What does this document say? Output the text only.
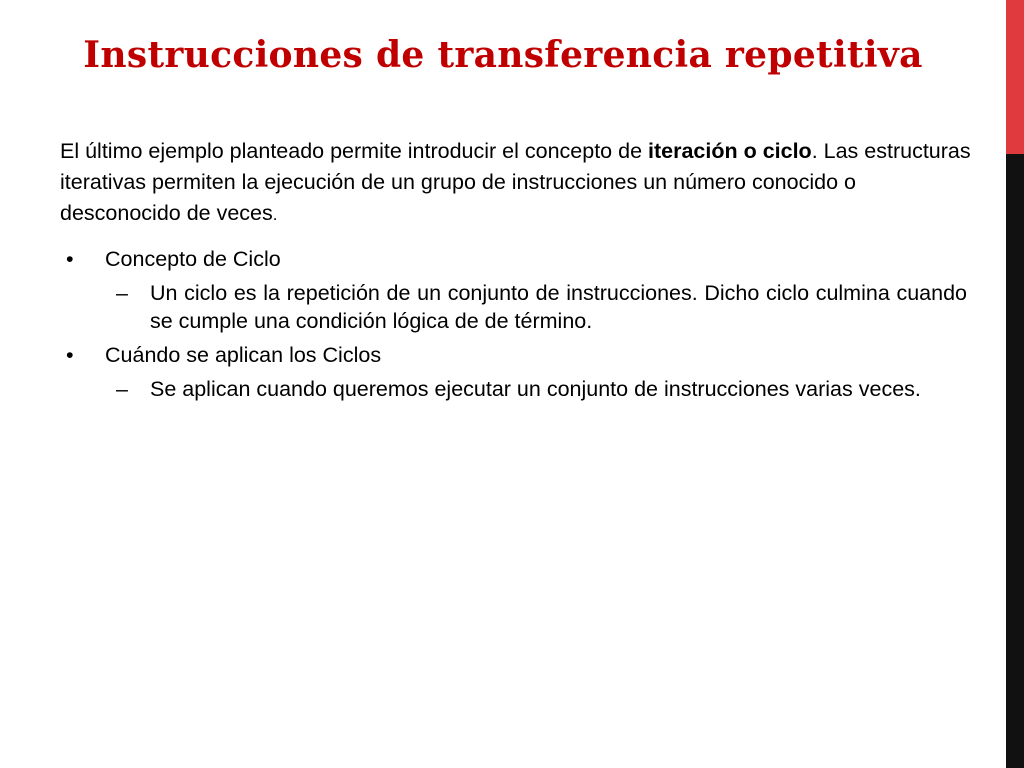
Instrucciones de transferencia repetitiva
El último ejemplo planteado permite introducir el concepto de iteración o ciclo. Las estructuras iterativas permiten la ejecución de un grupo de instrucciones un número conocido o desconocido de veces.
• Concepto de Ciclo
– Un ciclo es la repetición de un conjunto de instrucciones. Dicho ciclo culmina cuando se cumple una condición lógica de de término.
• Cuándo se aplican los Ciclos
– Se aplican cuando queremos ejecutar un conjunto de instrucciones varias veces.
